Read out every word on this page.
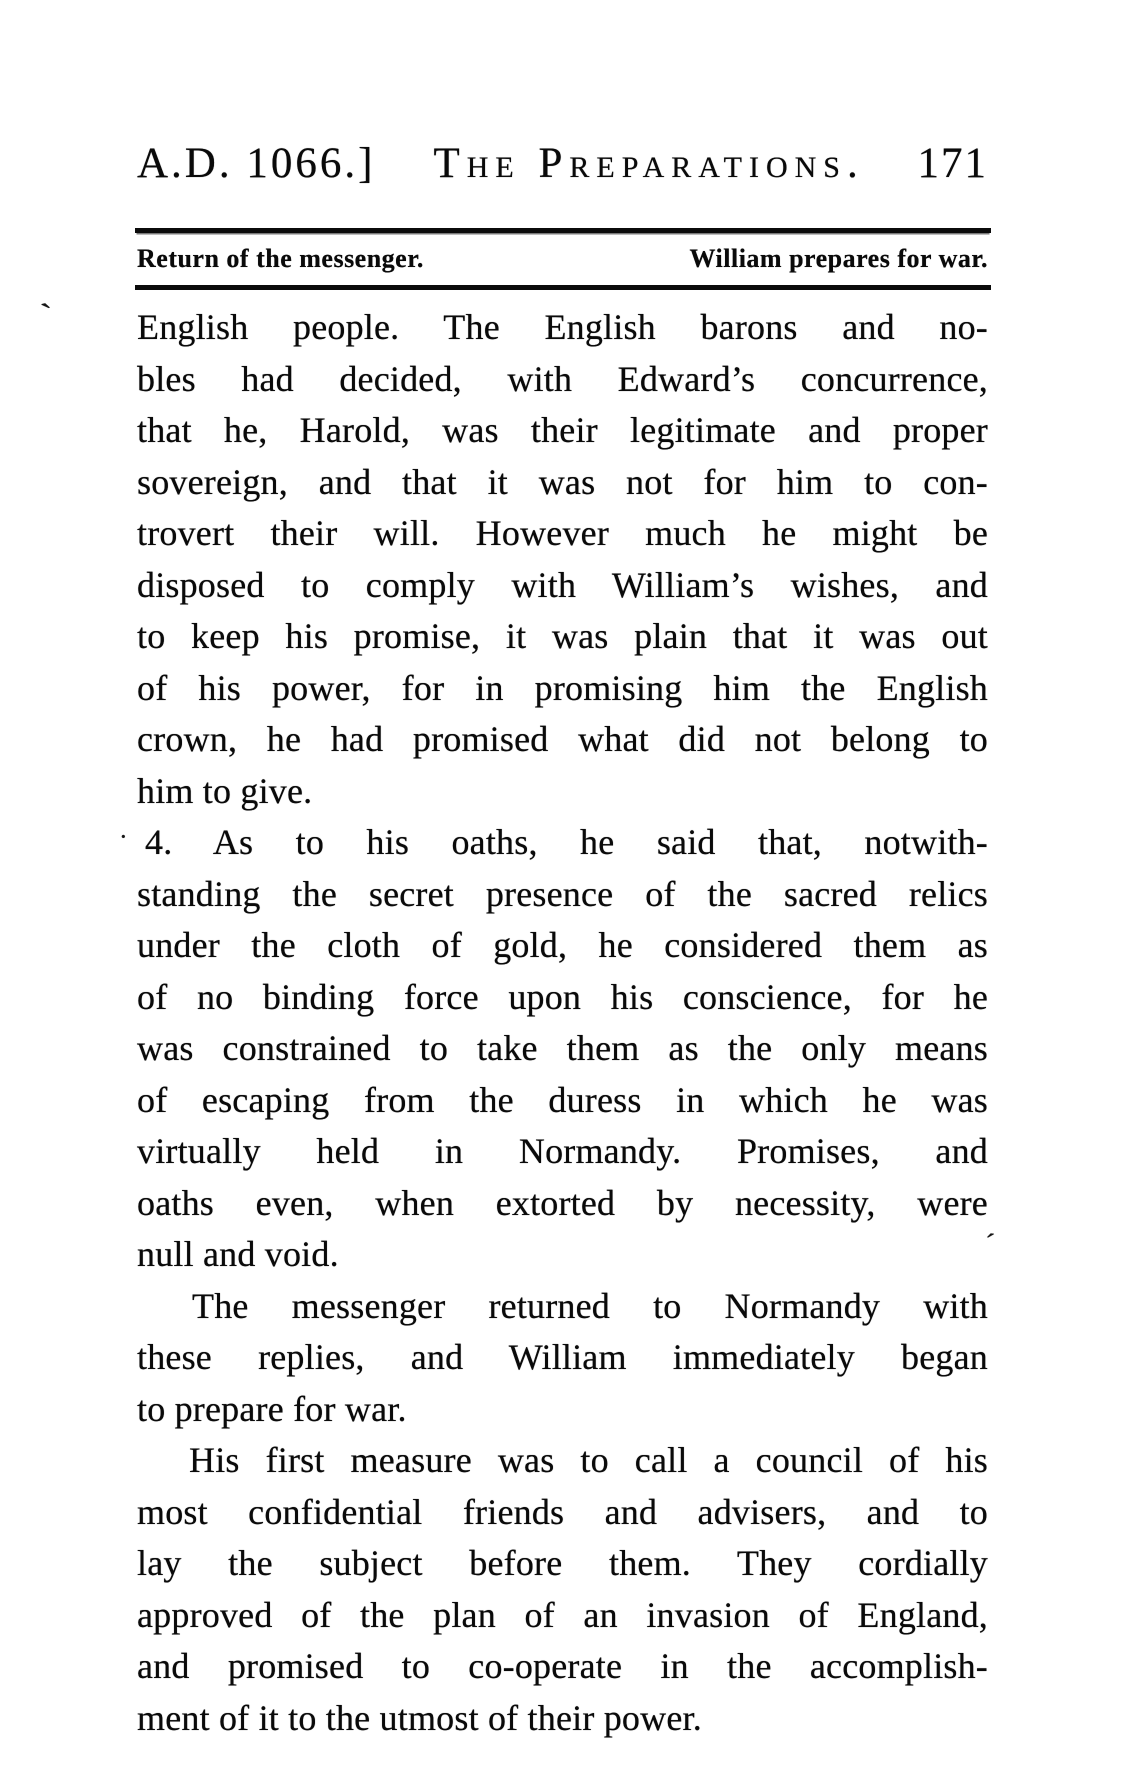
A.D. 1066.] The Preparations. 171
Return of the messenger.	William prepares for war.
English people. The English barons and no-
bles had decided, with Edward’s concurrence,
that he, Harold, was their legitimate and proper
sovereign, and that it was not for him to con-
trovert their will. However much he might be
disposed to comply with William’s wishes, and
to keep his promise, it was plain that it was out
of his power, for in promising him the English
crown, he had promised what did not belong to
him to give.
4. As to his oaths, he said that, notwith-
standing the secret presence of the sacred relics
under the cloth of gold, he considered them as
of no binding force upon his conscience, for he
was constrained to take them as the only means
of escaping from the duress in which he was
virtually held in Normandy. Promises, and
oaths even, when extorted by necessity, were
null and void.
The messenger returned to Normandy with
these replies, and William immediately began
to prepare for war.
His first measure was to call a council of his
most confidential friends and advisers, and to
lay the subject before them. They cordially
approved of the plan of an invasion of England,
and promised to co-operate in the accomplish-
ment of it to the utmost of their power.
`
·
´
